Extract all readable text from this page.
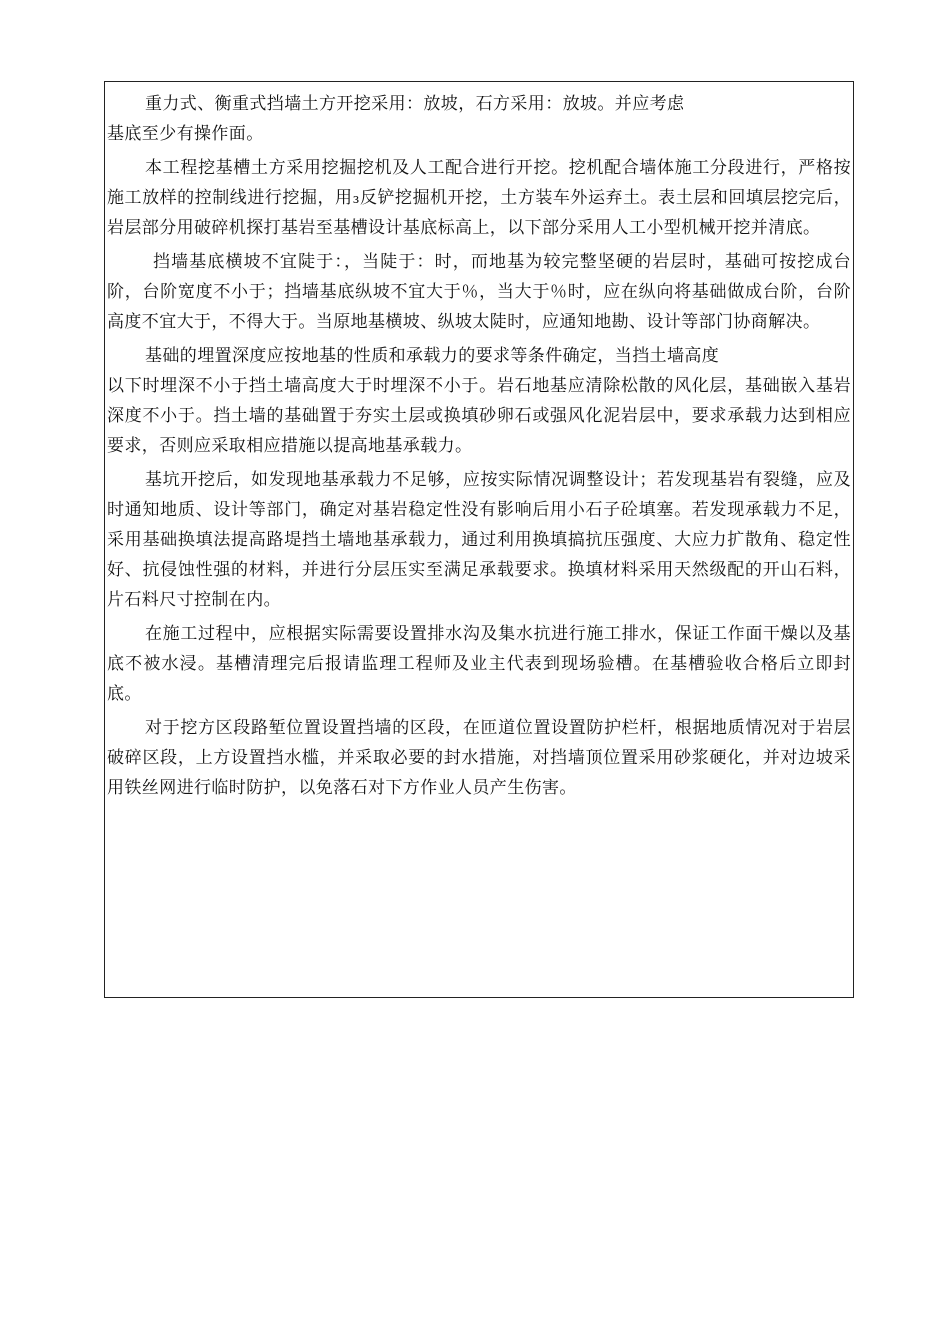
重力式、衡重式挡墙土方开挖采用：放坡，石方采用：放坡。并应考虑
基底至少有操作面。

本工程挖基槽土方采用挖掘挖机及人工配合进行开挖。挖机配合墙体施工分段进行，严格按施工放样的控制线进行挖掘，用₃反铲挖掘机开挖，土方装车外运弃土。表土层和回填层挖完后，岩层部分用破碎机探打基岩至基槽设计基底标高上，以下部分采用人工小型机械开挖并清底。

挡墙基底横坡不宜陡于：，当陡于：时，而地基为较完整坚硬的岩层时，基础可按挖成台阶，台阶宽度不小于；挡墙基底纵坡不宜大于％，当大于％时，应在纵向将基础做成台阶，台阶高度不宜大于，不得大于。当原地基横坡、纵坡太陡时，应通知地勘、设计等部门协商解决。

基础的埋置深度应按地基的性质和承载力的要求等条件确定，当挡土墙高度
以下时埋深不小于挡土墙高度大于时埋深不小于。岩石地基应清除松散的风化层，基础嵌入基岩深度不小于。挡土墙的基础置于夯实土层或换填砂卵石或强风化泥岩层中，要求承载力达到相应要求，否则应采取相应措施以提高地基承载力。

基坑开挖后，如发现地基承载力不足够，应按实际情况调整设计；若发现基岩有裂缝，应及时通知地质、设计等部门，确定对基岩稳定性没有影响后用小石子砼填塞。若发现承载力不足，采用基础换填法提高路堤挡土墙地基承载力，通过利用换填搞抗压强度、大应力扩散角、稳定性好、抗侵蚀性强的材料，并进行分层压实至满足承载要求。换填材料采用天然级配的开山石料，片石料尺寸控制在内。

在施工过程中，应根据实际需要设置排水沟及集水抗进行施工排水，保证工作面干燥以及基底不被水浸。基槽清理完后报请监理工程师及业主代表到现场验槽。在基槽验收合格后立即封底。

对于挖方区段路堑位置设置挡墙的区段，在匝道位置设置防护栏杆，根据地质情况对于岩层破碎区段，上方设置挡水槛，并采取必要的封水措施，对挡墙顶位置采用砂浆硬化，并对边坡采用铁丝网进行临时防护，以免落石对下方作业人员产生伤害。
